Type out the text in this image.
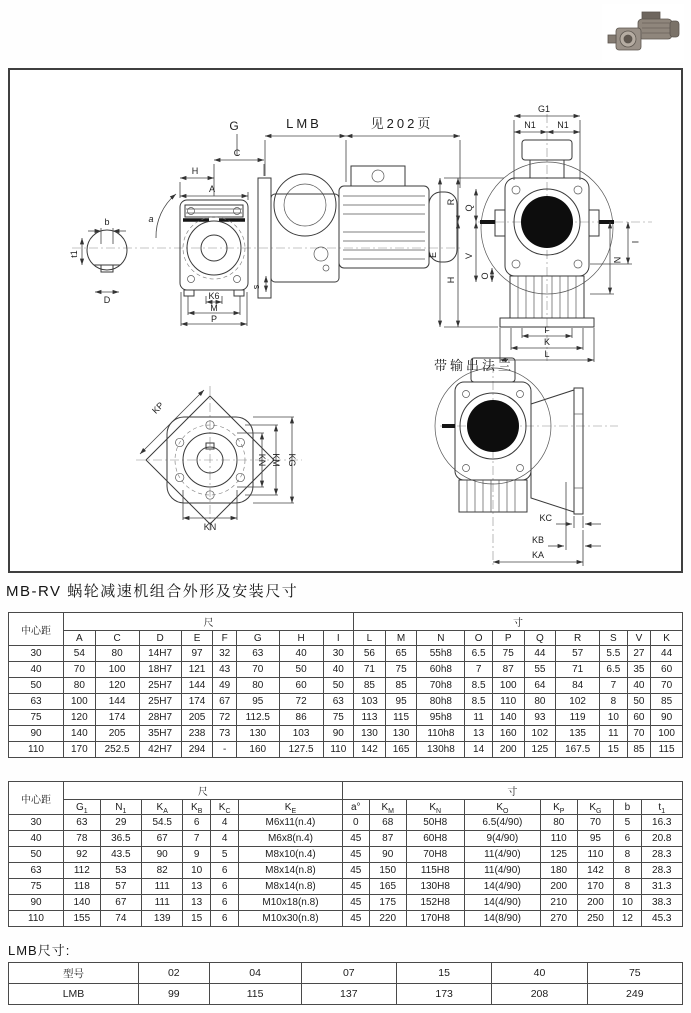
G
C
H
A
LMB	见202页
a
s
K6
M
P
b
t1
D
G1
N1 N1
E
R
Q
H
V
O
I
N
F
K
L
KP
KN KM KG
KN
带输出法兰
KC
KB
KA
MB-RV 蜗轮减速机组合外形及安装尺寸
中心距	尺								寸									
	A	C	D	E	F	G	H	I	L	M	N	O	P	Q	R	S	V	K
30	54	80	14H7	97	32	63	40	30	56	65	55h8	6.5	75	44	57	5.5	27	44
40	70	100	18H7	121	43	70	50	40	71	75	60h8	7	87	55	71	6.5	35	60
50	80	120	25H7	144	49	80	60	50	85	85	70h8	8.5	100	64	84	7	40	70
63	100	144	25H7	174	67	95	72	63	103	95	80h8	8.5	110	80	102	8	50	85
75	120	174	28H7	205	72	112.5	86	75	113	115	95h8	11	140	93	119	10	60	90
90	140	205	35H7	238	73	130	103	90	130	130	110h8	13	160	102	135	11	70	100
110	170	252.5	42H7	294	-	160	127.5	110	142	165	130h8	14	200	125	167.5	15	85	115
中心距	尺						寸							
	$G_1$	$N_1$	$K_A$	$K_B$	$K_C$	$K_E$	a°	$K_M$	$K_N$	$K_O$	$K_P$	$K_G$	b	$t_1$
30	63	29	54.5	6	4	M6x11(n.4)	0	68	50H8	6.5(4/90)	80	70	5	16.3
40	78	36.5	67	7	4	M6x8(n.4)	45	87	60H8	9(4/90)	110	95	6	20.8
50	92	43.5	90	9	5	M8x10(n.4)	45	90	70H8	11(4/90)	125	110	8	28.3
63	112	53	82	10	6	M8x14(n.8)	45	150	115H8	11(4/90)	180	142	8	28.3
75	118	57	111	13	6	M8x14(n.8)	45	165	130H8	14(4/90)	200	170	8	31.3
90	140	67	111	13	6	M10x18(n.8)	45	175	152H8	14(4/90)	210	200	10	38.3
110	155	74	139	15	6	M10x30(n.8)	45	220	170H8	14(8/90)	270	250	12	45.3
LMB尺寸:
型号	02	04	07	15	40	75
LMB	99	115	137	173	208	249
